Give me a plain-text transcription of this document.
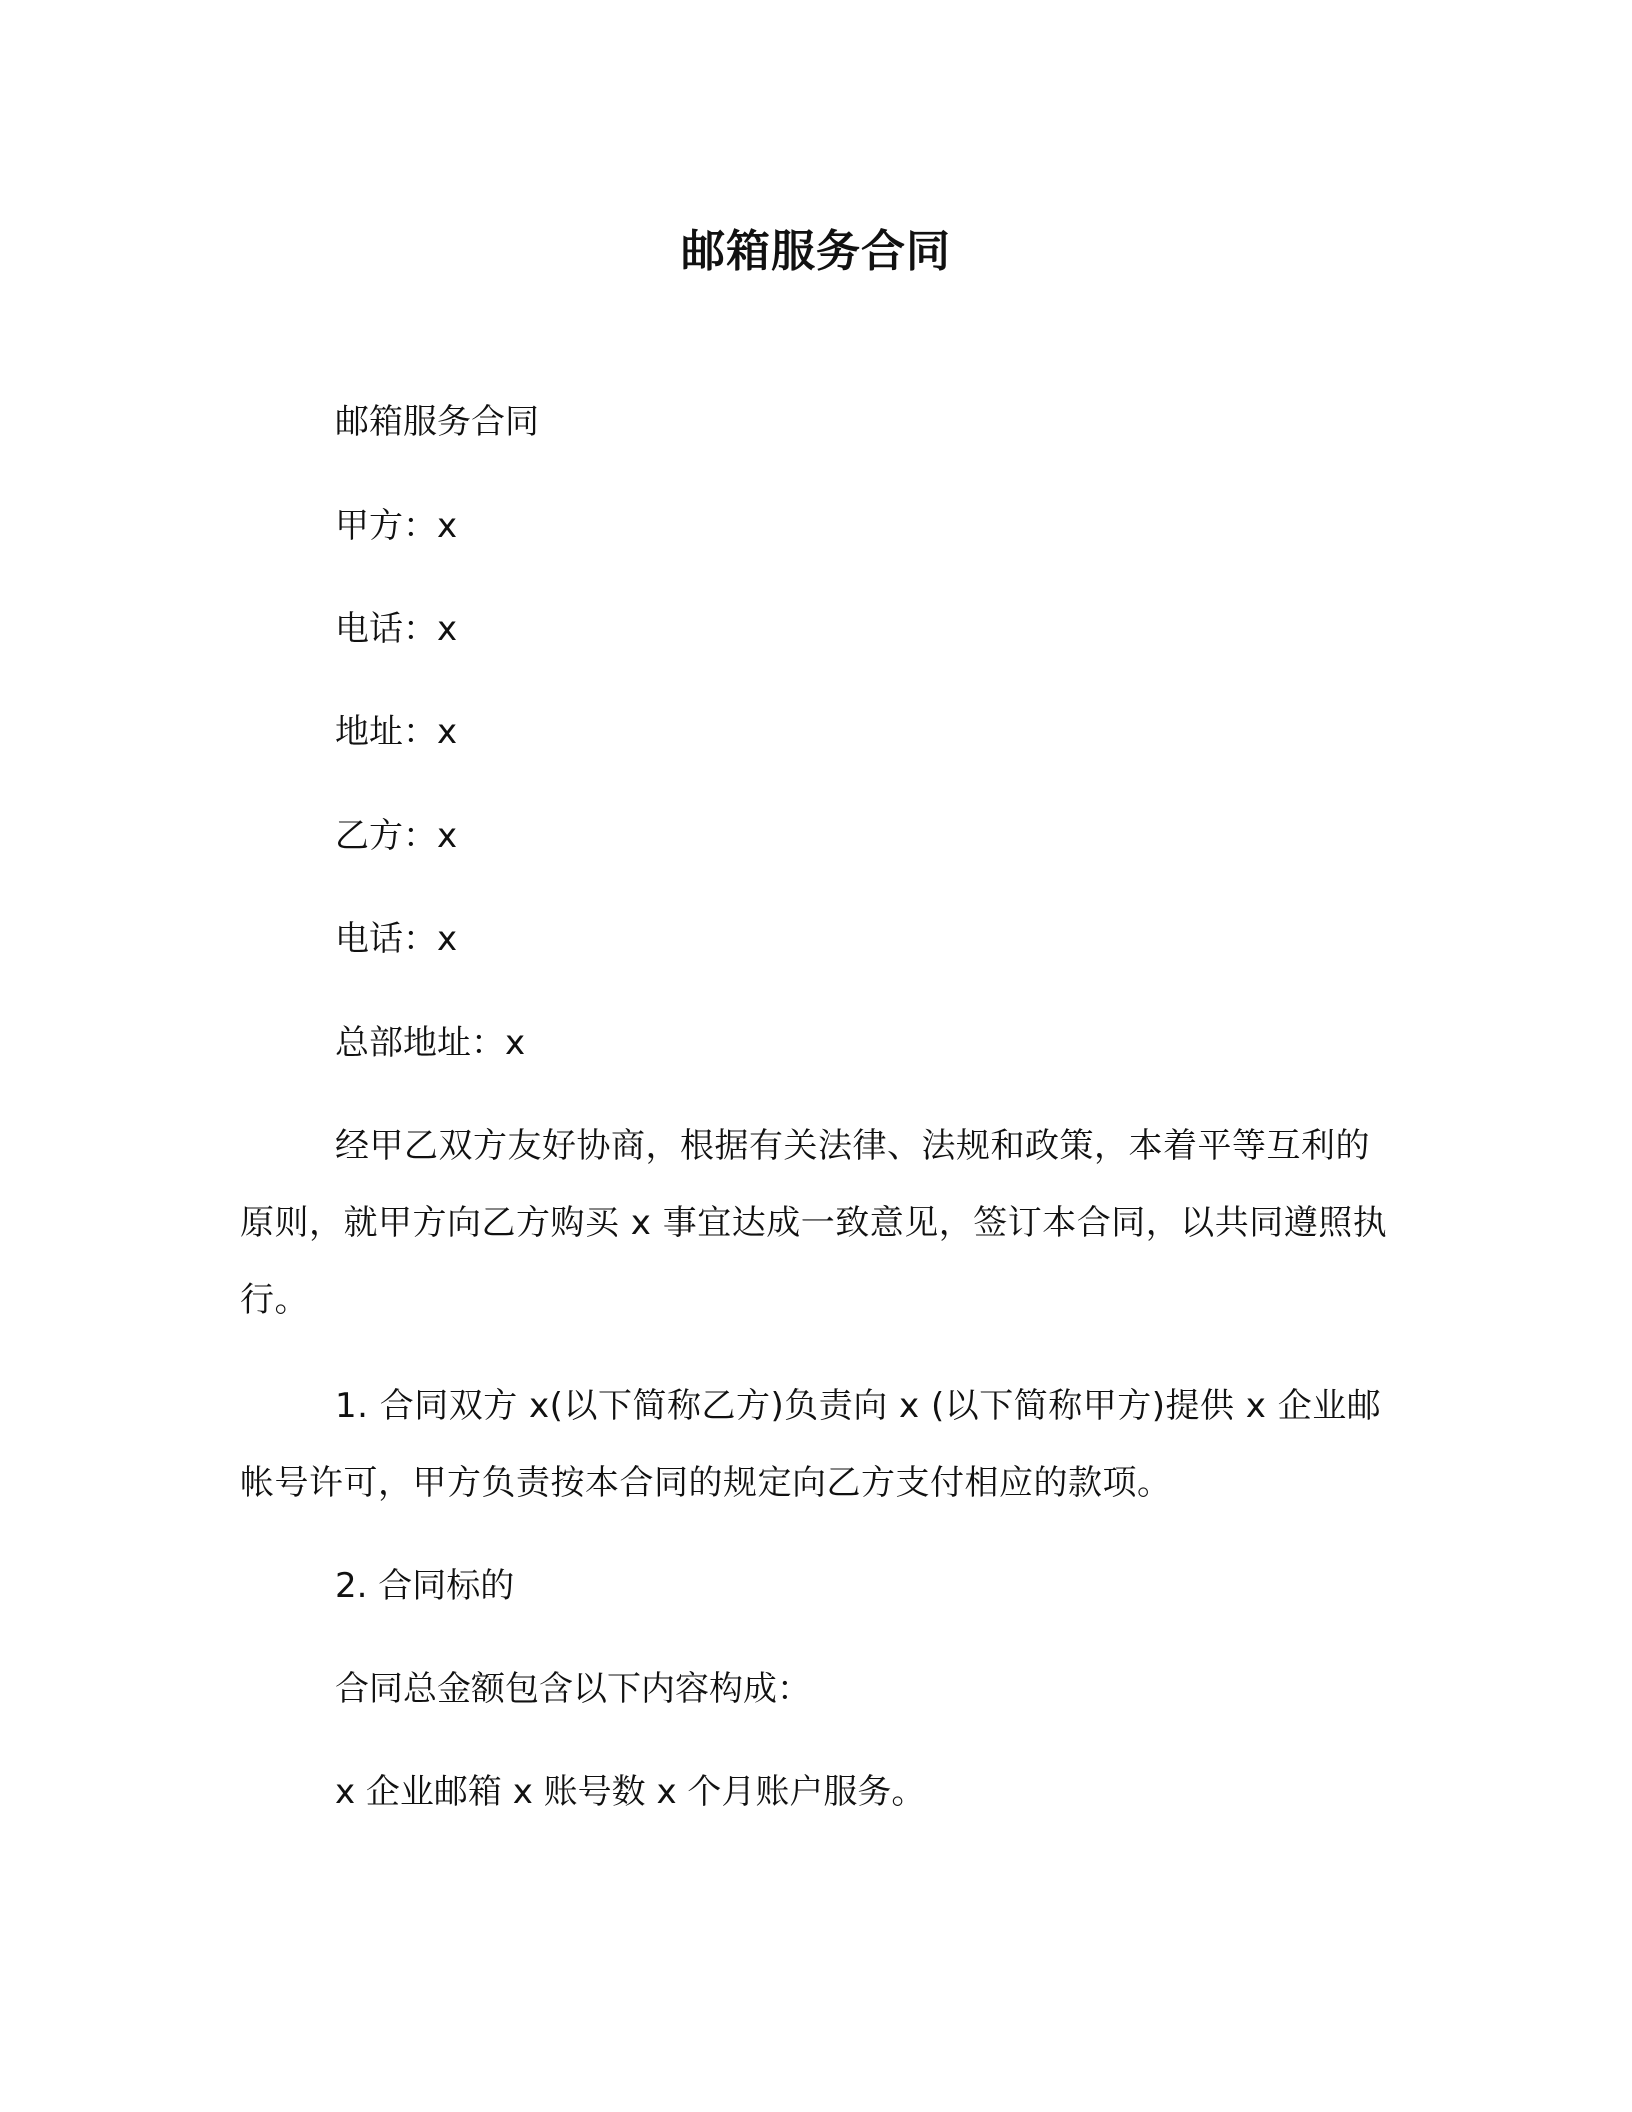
邮箱服务合同
邮箱服务合同
甲方：x
电话：x
地址：x
乙方：x
电话：x
总部地址：x
经甲乙双方友好协商，根据有关法律、法规和政策，本着平等互利的原则，就甲方向乙方购买 x 事宜达成一致意见，签订本合同，以共同遵照执行。
1. 合同双方 x(以下简称乙方)负责向 x (以下简称甲方)提供 x 企业邮帐号许可，甲方负责按本合同的规定向乙方支付相应的款项。
2. 合同标的
合同总金额包含以下内容构成：
x 企业邮箱 x 账号数 x 个月账户服务。
